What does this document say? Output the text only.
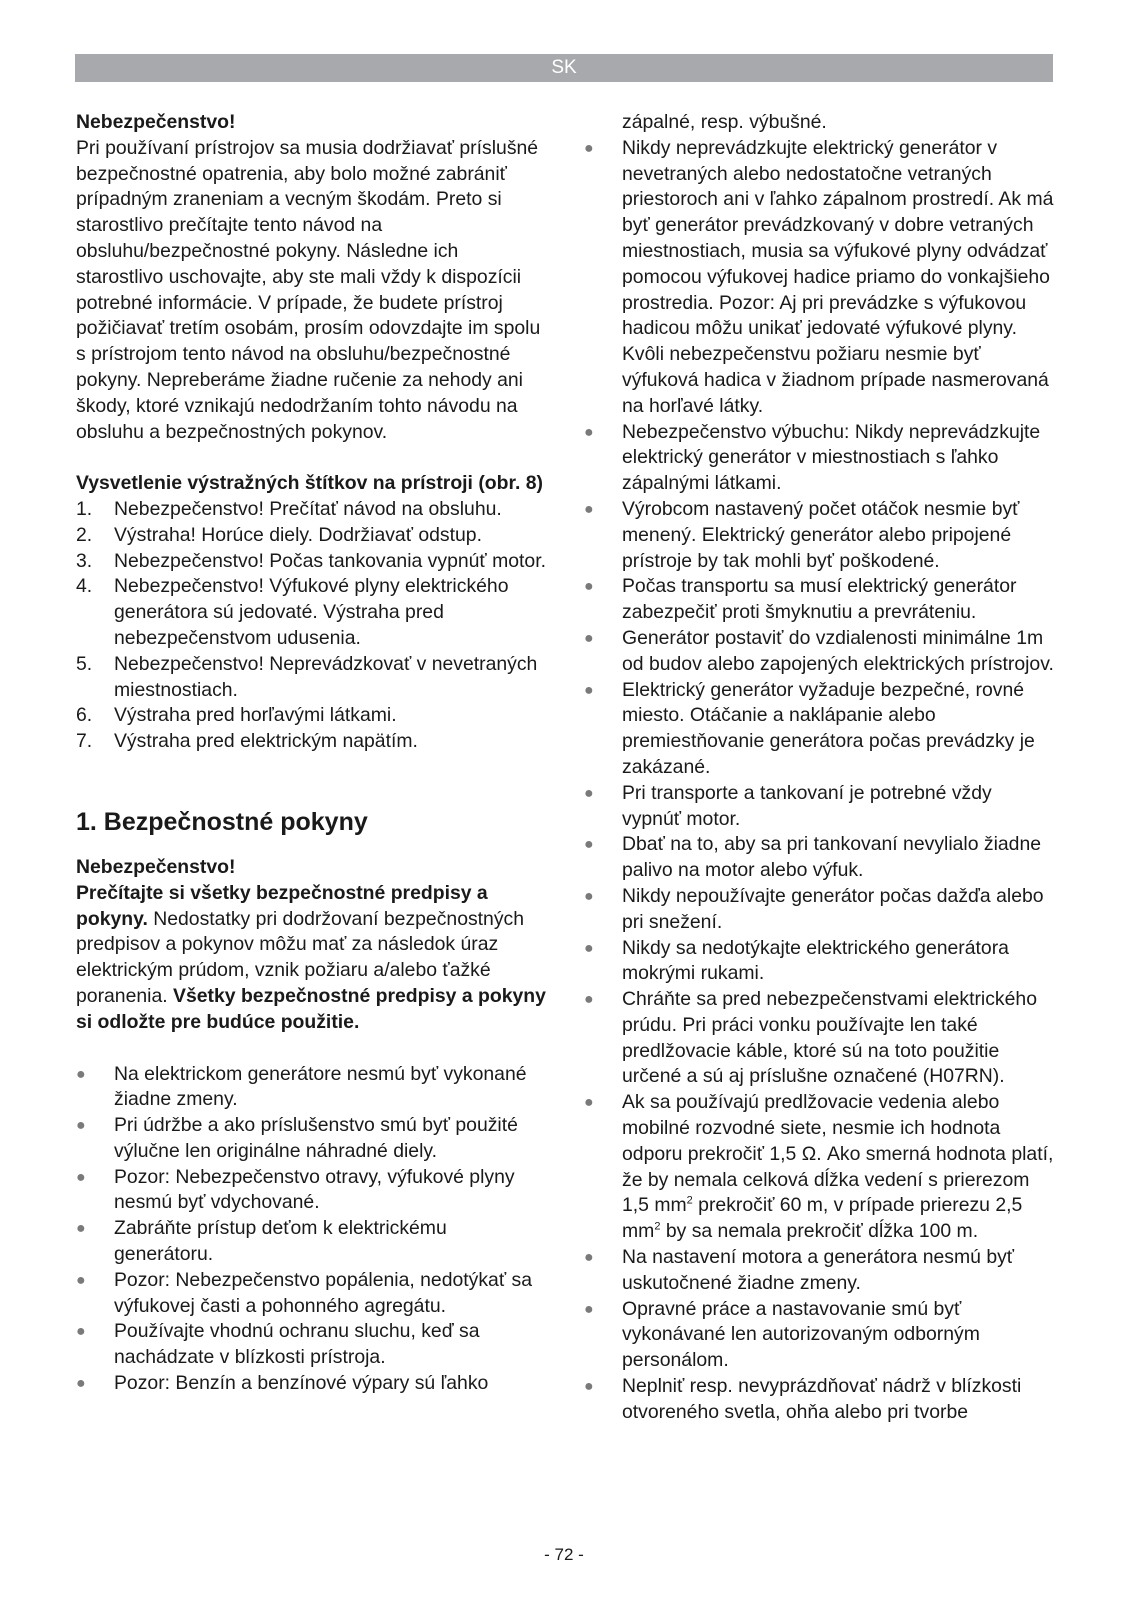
SK

Nebezpečenstvo!

Pri používaní prístrojov sa musia dodržiavať príslušné bezpečnostné opatrenia, aby bolo možné zabrániť prípadným zraneniam a vecným škodám. Preto si starostlivo prečítajte tento návod na obsluhu/bezpečnostné pokyny. Následne ich starostlivo uschovajte, aby ste mali vždy k dispozícii potrebné informácie. V prípade, že budete prístroj požičiavať tretím osobám, prosím odovzdajte im spolu s prístrojom tento návod na obsluhu/bezpečnostné pokyny. Nepreberáme žiadne ručenie za nehody ani škody, ktoré vznikajú nedodržaním tohto návodu na obsluhu a bezpečnostných pokynov.

Vysvetlenie výstražných štítkov na prístroji (obr. 8)

1. Nebezpečenstvo! Prečítať návod na obsluhu.
2. Výstraha! Horúce diely. Dodržiavať odstup.
3. Nebezpečenstvo! Počas tankovania vypnúť motor.
4. Nebezpečenstvo! Výfukové plyny elektrického generátora sú jedovaté. Výstraha pred nebezpečenstvom udusenia.
5. Nebezpečenstvo! Neprevádzkovať v nevetraných miestnostiach.
6. Výstraha pred horľavými látkami.
7. Výstraha pred elektrickým napätím.
1. Bezpečnostné pokyny

Nebezpečenstvo!

Prečítajte si všetky bezpečnostné predpisy a pokyny. Nedostatky pri dodržovaní bezpečnostných predpisov a pokynov môžu mať za následok úraz elektrickým prúdom, vznik požiaru a/alebo ťažké poranenia. Všetky bezpečnostné predpisy a pokyny si odložte pre budúce použitie.

● Na elektrickom generátore nesmú byť vykonané žiadne zmeny.
● Pri údržbe a ako príslušenstvo smú byť použité výlučne len originálne náhradné diely.
● Pozor: Nebezpečenstvo otravy, výfukové plyny nesmú byť vdychované.
● Zabráňte prístup deťom k elektrickému generátoru.
● Pozor: Nebezpečenstvo popálenia, nedotýkať sa výfukovej časti a pohonného agregátu.
● Používajte vhodnú ochranu sluchu, keď sa nachádzate v blízkosti prístroja.
● Pozor: Benzín a benzínové výpary sú ľahko
zápalné, resp. výbušné.
● Nikdy neprevádzkujte elektrický generátor v nevetraných alebo nedostatočne vetraných priestoroch ani v ľahko zápalnom prostredí. Ak má byť generátor prevádzkovaný v dobre vetraných miestnostiach, musia sa výfukové plyny odvádzať pomocou výfukovej hadice priamo do vonkajšieho prostredia. Pozor: Aj pri prevádzke s výfukovou hadicou môžu unikať jedovaté výfukové plyny. Kvôli nebezpečenstvu požiaru nesmie byť výfuková hadica v žiadnom prípade nasmerovaná na horľavé látky.
● Nebezpečenstvo výbuchu: Nikdy neprevádzkujte elektrický generátor v miestnostiach s ľahko zápalnými látkami.
● Výrobcom nastavený počet otáčok nesmie byť menený. Elektrický generátor alebo pripojené prístroje by tak mohli byť poškodené.
● Počas transportu sa musí elektrický generátor zabezpečiť proti šmyknutiu a prevráteniu.
● Generátor postaviť do vzdialenosti minimálne 1m od budov alebo zapojených elektrických prístrojov.
● Elektrický generátor vyžaduje bezpečné, rovné miesto. Otáčanie a naklápanie alebo premiestňovanie generátora počas prevádzky je zakázané.
● Pri transporte a tankovaní je potrebné vždy vypnúť motor.
● Dbať na to, aby sa pri tankovaní nevylialo žiadne palivo na motor alebo výfuk.
● Nikdy nepoužívajte generátor počas dažďa alebo pri snežení.
● Nikdy sa nedotýkajte elektrického generátora mokrými rukami.
● Chráňte sa pred nebezpečenstvami elektrického prúdu. Pri práci vonku používajte len také predlžovacie káble, ktoré sú na toto použitie určené a sú aj príslušne označené (H07RN).
● Ak sa používajú predlžovacie vedenia alebo mobilné rozvodné siete, nesmie ich hodnota odporu prekročiť 1,5 Ω. Ako smerná hodnota platí, že by nemala celková dĺžka vedení s prierezom 1,5 $mm^2$ prekročiť 60 m, v prípade prierezu 2,5 $mm^2$ by sa nemala prekročiť dĺžka 100 m.
● Na nastavení motora a generátora nesmú byť uskutočnené žiadne zmeny.
● Opravné práce a nastavovanie smú byť vykonávané len autorizovaným odborným personálom.
● Neplniť resp. nevyprázdňovať nádrž v blízkosti otvoreného svetla, ohňa alebo pri tvorbe
- 72 -
